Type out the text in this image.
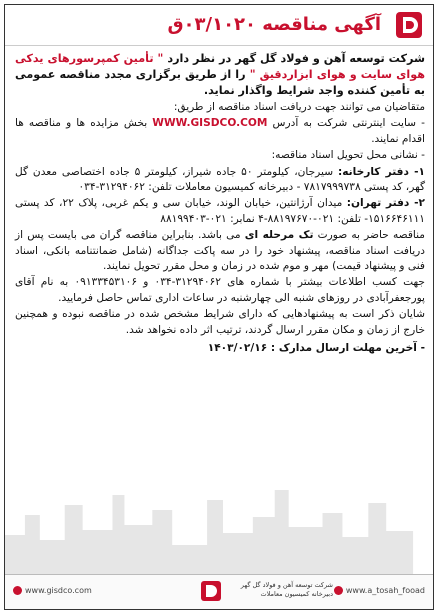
آگهی مناقصه ۰۳/۱۰۲۰ق

شرکت توسعه آهن و فولاد گل گهر در نظر دارد " تأمین کمپرسورهای یدکی هوای سایت و هوای ابزاردقیق " را از طریق برگزاری مجدد مناقصه عمومی به تأمین کننده واجد شرایط واگذار نماید.

متقاضیان می توانند جهت دریافت اسناد مناقصه از طریق:

- سایت اینترنتی شرکت به آدرس WWW.GISDCO.COM بخش مزایده ها و مناقصه ها اقدام نمایند.

- نشانی محل تحویل اسناد مناقصه:

۱- دفتر کارخانه: سیرجان، کیلومتر ۵۰ جاده شیراز، کیلومتر ۵ جاده اختصاصی معدن گل گهر، کد پستی ۷۸۱۷۹۹۹۷۳۸ - دبیرخانه کمیسیون معاملات تلفن: ۳۱۲۹۴۰۶۲-۰۳۴

۲- دفتر تهران: میدان آرژانتین، خیابان الوند، خیابان سی و یکم غربی، پلاک ۲۲، کد پستی ۱۵۱۶۶۴۶۱۱۱- تلفن: ۰۲۱-۸۸۱۹۷۶۷۰-۴ نمابر: ۰۲۱-۸۸۱۹۹۴۰۳

مناقصه حاضر به صورت تک مرحله ای می باشد. بنابراین مناقصه گران می بایست پس از دریافت اسناد مناقصه، پیشنهاد خود را در سه پاکت جداگانه (شامل ضمانتنامه بانکی، اسناد فنی و پیشنهاد قیمت) مهر و موم شده در زمان و محل مقرر تحویل نمایند.

جهت کسب اطلاعات بیشتر با شماره های ۳۱۲۹۴۰۶۲-۰۳۴ و ۰۹۱۳۳۴۵۳۱۰۶ به نام آقای پورجعفرآبادی در روزهای شنبه الی چهارشنبه در ساعات اداری تماس حاصل فرمایید.

شایان ذکر است به پیشنهادهایی که دارای شرایط مشخص شده در مناقصه نبوده و همچنین خارج از زمان و مکان مقرر ارسال گردند، ترتیب اثر داده نخواهد شد.

- آخرین مهلت ارسال مدارک : ۱۴۰۳/۰۲/۱۶

www.gisdco.com
شرکت توسعه آهن و فولاد گل گهر
دبیرخانه کمیسیون معاملات	www.a_tosah_fooad
